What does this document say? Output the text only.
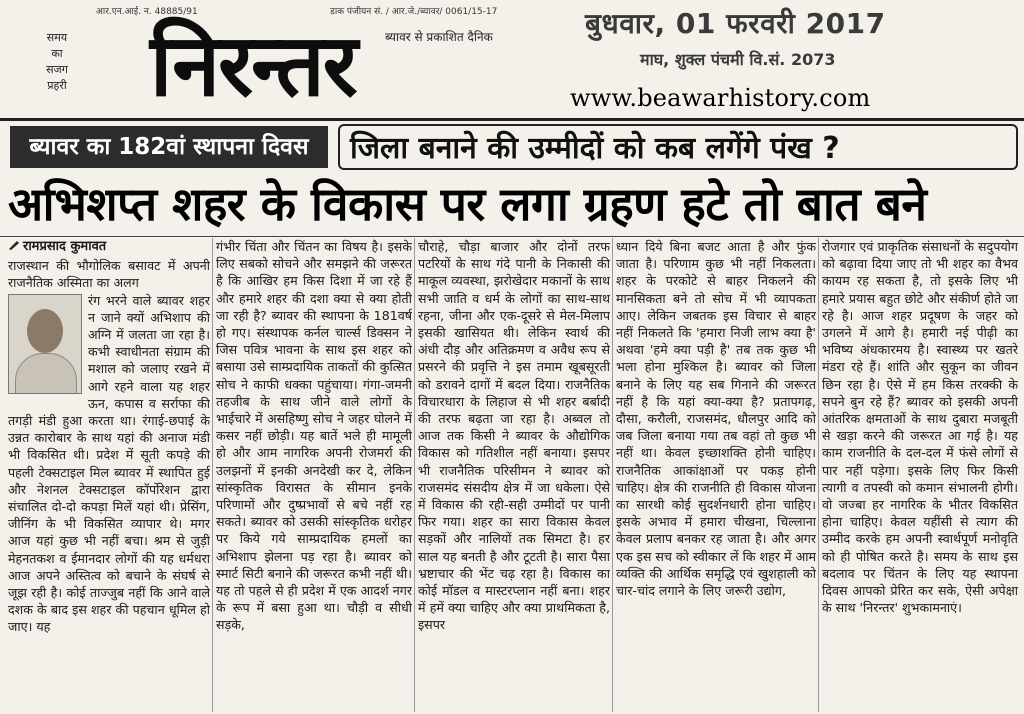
आर.एन.आई. न. 48885/91	डाक पंजीयन सं. / आर.जे./ब्यावर/ 0061/15-17
समय
का
सजग
प्रहरी निरन्तर	ब्यावर से प्रकाशित दैनिक	बुधवार, 01 फरवरी 2017
माघ, शुक्ल पंचमी वि.सं. 2073
www.beawarhistory.com
ब्यावर का 182वां स्थापना दिवस	जिला बनाने की उम्मीदों को कब लगेंगे पंख ?
अभिशप्त शहर के विकास पर लगा ग्रहण हटे तो बात बने
रामप्रसाद कुमावत

राजस्थान की भौगोलिक बसावट में अपनी राजनैतिक अस्मिता का अलग

रंग भरने वाले ब्यावर शहर न जाने क्यों अभिशाप की अग्नि में जलता जा रहा है। कभी स्वाधीनता संग्राम की मशाल को जलाए रखने में आगे रहने वाला यह शहर ऊन, कपास व सर्राफा की तगड़ी मंडी हुआ करता था। रंगाई-छपाई के उन्नत कारोबार के साथ यहां की अनाज मंडी भी विकसित थी। प्रदेश में सूती कपड़े की पहली टेक्सटाइल मिल ब्यावर में स्थापित हुई और नेशनल टेक्सटाइल कॉर्पोरेशन द्वारा संचालित दो-दो कपड़ा मिलें यहां थी। प्रेसिंग, जीनिंग के भी विकसित व्यापार थे। मगर आज यहां कुछ भी नहीं बचा। श्रम से जुड़ी मेहनतकश व ईमानदार लोगों की यह धर्मधरा आज अपने अस्तित्व को बचाने के संघर्ष से जूझ रही है। कोई ताज्जुब नहीं कि आने वाले दशक के बाद इस शहर की पहचान धूमिल हो जाए। यह

गंभीर चिंता और चिंतन का विषय है। इसके लिए सबको सोचने और समझने की जरूरत है कि आखिर हम किस दिशा में जा रहे हैं और हमारे शहर की दशा क्या से क्या होती जा रही है? ब्यावर की स्थापना के 181वर्ष हो गए। संस्थापक कर्नल चार्ल्स डिक्सन ने जिस पवित्र भावना के साथ इस शहर को बसाया उसे साम्प्रदायिक ताकतों की कुत्सित सोच ने काफी धक्का पहुंचाया। गंगा-जमनी तहजीब के साथ जीने वाले लोगों के भाईचारे में असहिष्णु सोच ने जहर घोलने में कसर नहीं छोड़ी। यह बातें भले ही मामूली हो और आम नागरिक अपनी रोजमर्रा की उलझनों में इनकी अनदेखी कर दे, लेकिन सांस्कृतिक विरासत के सीमान इनके परिणामों और दुष्प्रभावों से बचे नहीं रह सकते। ब्यावर को उसकी सांस्कृतिक धरोहर पर किये गये साम्प्रदायिक हमलों का अभिशाप झेलना पड़ रहा है। ब्यावर को स्मार्ट सिटी बनाने की जरूरत कभी नहीं थी। यह तो पहले से ही प्रदेश में एक आदर्श नगर के रूप में बसा हुआ था। चौड़ी व सीधी सड़के,

चौराहे, चौड़ा बाजार और दोनों तरफ पटरियों के साथ गंदे पानी के निकासी की माकूल व्यवस्था, झरोखेदार मकानों के साथ सभी जाति व धर्म के लोगों का साथ-साथ रहना, जीना और एक-दूसरे से मेल-मिलाप इसकी खासियत थी। लेकिन स्वार्थ की अंधी दौड़ और अतिक्रमण व अवैध रूप से प्रसरने की प्रवृत्ति ने इस तमाम खूबसूरती को डरावने दागों में बदल दिया। राजनैतिक विचारधारा के लिहाज से भी शहर बर्बादी की तरफ बढ़ता जा रहा है। अब्वल तो आज तक किसी ने ब्यावर के औद्योगिक विकास को गतिशील नहीं बनाया। इसपर भी राजनैतिक परिसीमन ने ब्यावर को राजसमंद संसदीय क्षेत्र में जा धकेला। ऐसे में विकास की रही-सही उम्मीदों पर पानी फिर गया। शहर का सारा विकास केवल सड़कों और नालियों तक सिमटा है। हर साल यह बनती है और टूटती है। सारा पैसा भ्रष्टाचार की भेंट चढ़ रहा है। विकास का कोई मॉडल व मास्टरप्लान नहीं बना। शहर में हमें क्या चाहिए और क्या प्राथमिकता है, इसपर

ध्यान दिये बिना बजट आता है और फुंक जाता है। परिणाम कुछ भी नहीं निकलता। शहर के परकोटे से बाहर निकलने की मानसिकता बने तो सोच में भी व्यापकता आए। लेकिन जबतक इस विचार से बाहर नहीं निकलते कि 'हमारा निजी लाभ क्या है' अथवा 'हमे क्या पड़ी है' तब तक कुछ भी भला होना मुश्किल है। ब्यावर को जिला बनाने के लिए यह सब गिनाने की जरूरत नहीं है कि यहां क्या-क्या है? प्रतापगढ़, दौसा, करौली, राजसमंद, धौलपुर आदि को जब जिला बनाया गया तब वहां तो कुछ भी नहीं था। केवल इच्छाशक्ति होनी चाहिए। राजनैतिक आकांक्षाओं पर पकड़ होनी चाहिए। क्षेत्र की राजनीति ही विकास योजना का सारथी कोई सुदर्शनधारी होना चाहिए। इसके अभाव में हमारा चीखना, चिल्लाना केवल प्रलाप बनकर रह जाता है। और अगर एक इस सच को स्वीकार लें कि शहर में आम व्यक्ति की आर्थिक समृद्धि एवं खुशहाली को चार-चांद लगाने के लिए जरूरी उद्योग,

रोजगार एवं प्राकृतिक संसाधनों के सदुपयोग को बढ़ावा दिया जाए तो भी शहर का वैभव कायम रह सकता है, तो इसके लिए भी हमारे प्रयास बहुत छोटे और संकीर्ण होते जा रहे है। आज शहर प्रदूषण के जहर को उगलने में आगे है। हमारी नई पीढ़ी का भविष्य अंधकारमय है। स्वास्थ्य पर खतरे मंडरा रहे हैं। शांति और सुकून का जीवन छिन रहा है। ऐसे में हम किस तरक्की के सपने बुन रहे हैं? ब्यावर को इसकी अपनी आंतरिक क्षमताओं के साथ दुबारा मजबूती से खड़ा करने की जरूरत आ गई है। यह काम राजनीति के दल-दल में फंसे लोगों से पार नहीं पड़ेगा। इसके लिए फिर किसी त्यागी व तपस्वी को कमान संभालनी होगी। वो जज्बा हर नागरिक के भीतर विकसित होना चाहिए। केवल यहींसी से त्याग की उम्मीद करके हम अपनी स्वार्थपूर्ण मनोवृति को ही पोषित करते है। समय के साथ इस बदलाव पर चिंतन के लिए यह स्थापना दिवस आपको प्रेरित कर सके, ऐसी अपेक्षा के साथ 'निरन्तर' शुभकामनाएं।
